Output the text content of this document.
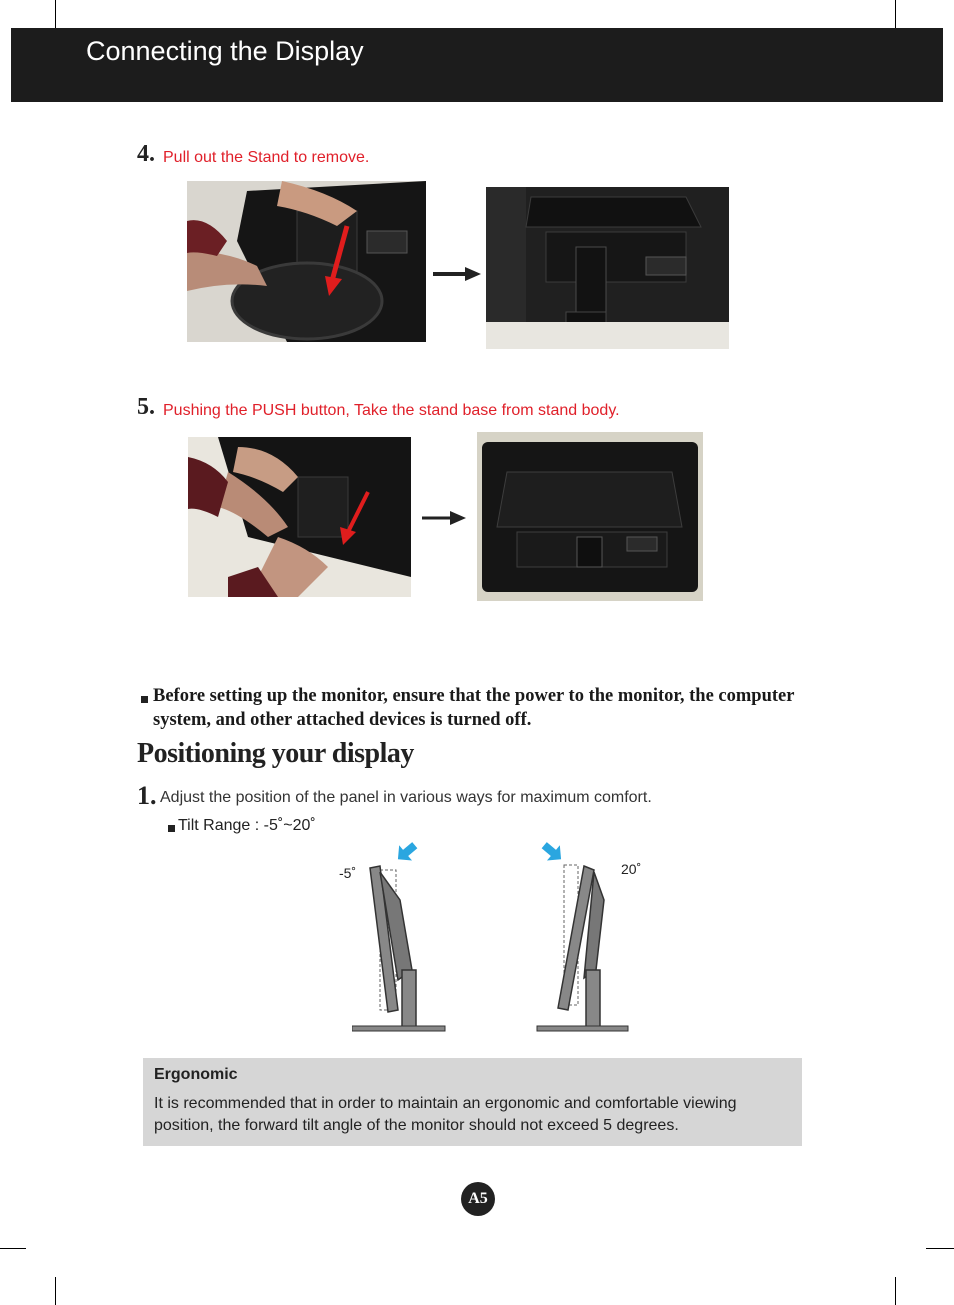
Connecting the Display
4. Pull out the Stand to remove.
5. Pushing the PUSH button, Take the stand base from stand body.
Before setting up the monitor, ensure that the power to the monitor, the computer system, and other attached devices is turned off.
Positioning your display
1. Adjust the position of the panel in various ways for maximum comfort.
Tilt Range : -5˚~20˚
-5˚	20˚
Ergonomic
It is recommended that in order to maintain an ergonomic and comfortable viewing position, the forward tilt angle of the monitor should not exceed 5 degrees.
A5
